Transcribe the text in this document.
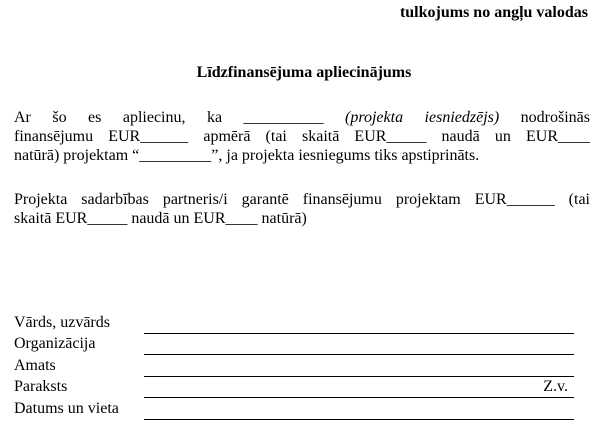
tulkojums no angļu valodas
Līdzfinansējuma apliecinājums
Ar šo es apliecinu, ka __________ (projekta iesniedzējs) nodrošinās
finansējumu EUR______ apmērā (tai skaitā EUR_____ naudā un EUR____
natūrā) projektam “_________”, ja projekta iesniegums tiks apstiprināts.
Projekta sadarbības partneris/i garantē finansējumu projektam EUR______ (tai
skaitā EUR_____ naudā un EUR____ natūrā)
Vārds, uzvārds
Organizācija
Amats
Paraksts	Z.v.
Datums un vieta
